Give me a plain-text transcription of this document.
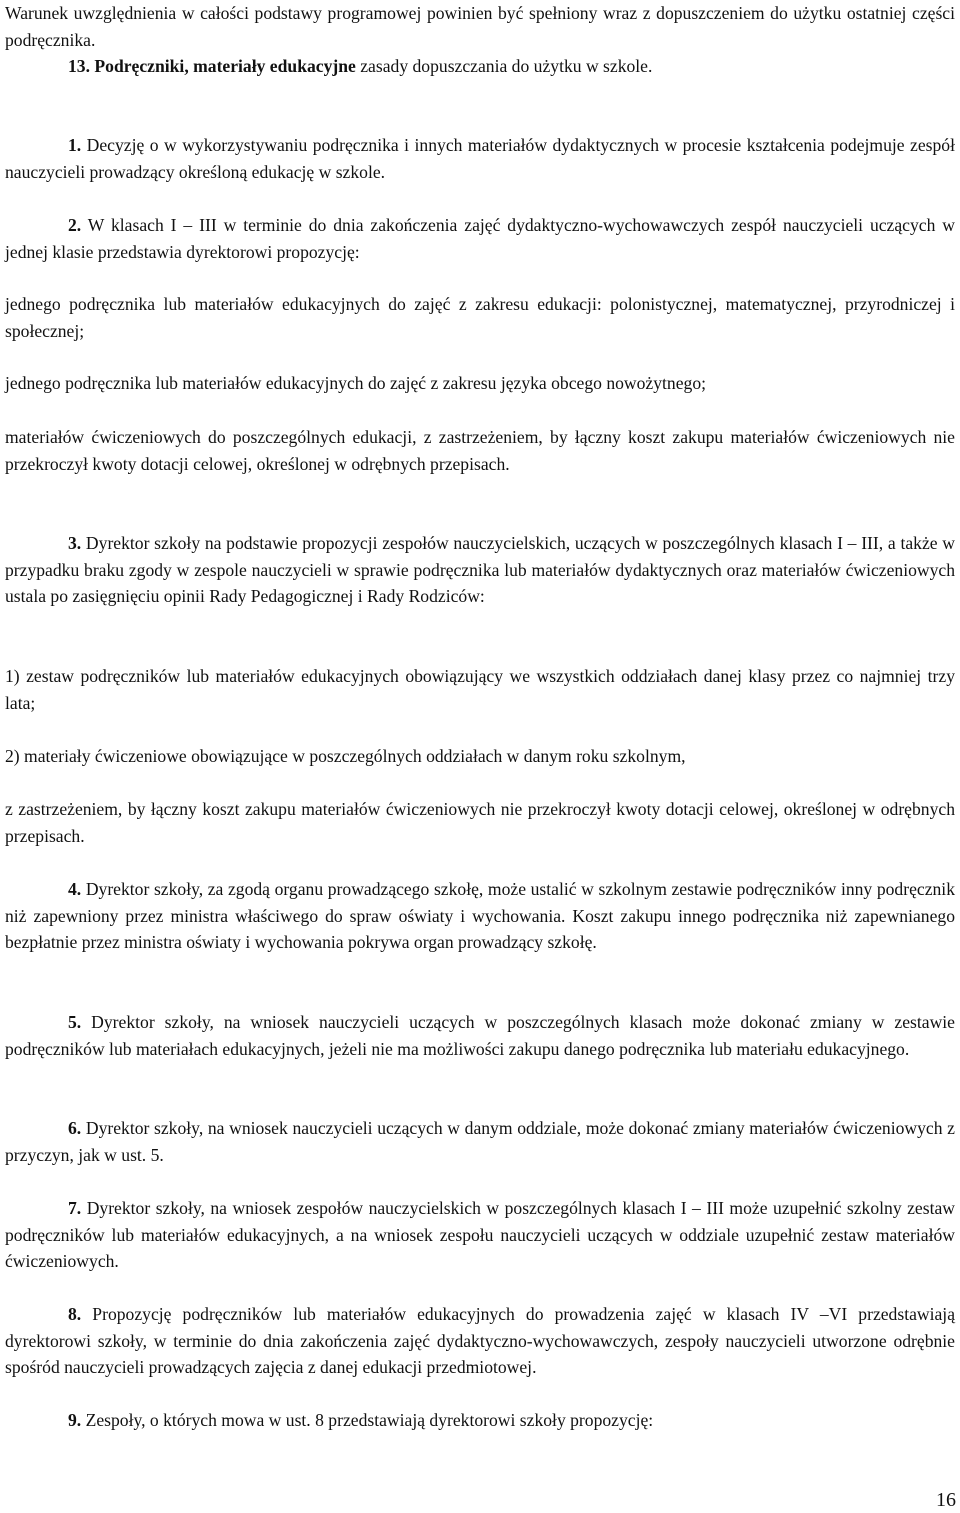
Warunek uwzględnienia w całości podstawy programowej powinien być spełniony wraz z dopuszczeniem do użytku ostatniej części podręcznika.

13. Podręczniki, materiały edukacyjne zasady dopuszczania do użytku w szkole.

1. Decyzję o w wykorzystywaniu podręcznika i innych materiałów dydaktycznych w procesie kształcenia podejmuje zespół nauczycieli prowadzący określoną edukację w szkole.

2. W klasach I – III w terminie do dnia zakończenia zajęć dydaktyczno-wychowawczych zespół nauczycieli uczących w jednej klasie przedstawia dyrektorowi propozycję:

jednego podręcznika lub materiałów edukacyjnych do zajęć z zakresu edukacji: polonistycznej, matematycznej, przyrodniczej i społecznej;

jednego podręcznika lub materiałów edukacyjnych do zajęć z zakresu języka obcego nowożytnego;

materiałów ćwiczeniowych do poszczególnych edukacji, z zastrzeżeniem, by łączny koszt zakupu materiałów ćwiczeniowych nie przekroczył kwoty dotacji celowej, określonej w odrębnych przepisach.

3. Dyrektor szkoły na podstawie propozycji zespołów nauczycielskich, uczących w poszczególnych klasach I – III, a także w przypadku braku zgody w zespole nauczycieli w sprawie podręcznika lub materiałów dydaktycznych oraz materiałów ćwiczeniowych ustala po zasięgnięciu opinii Rady Pedagogicznej i Rady Rodziców:

1) zestaw podręczników lub materiałów edukacyjnych obowiązujący we wszystkich oddziałach danej klasy przez co najmniej trzy lata;

2) materiały ćwiczeniowe obowiązujące w poszczególnych oddziałach w danym roku szkolnym,

z zastrzeżeniem, by łączny koszt zakupu materiałów ćwiczeniowych nie przekroczył kwoty dotacji celowej, określonej w odrębnych przepisach.

4. Dyrektor szkoły, za zgodą organu prowadzącego szkołę, może ustalić w szkolnym zestawie podręczników inny podręcznik niż zapewniony przez ministra właściwego do spraw oświaty i wychowania. Koszt zakupu innego podręcznika niż zapewnianego bezpłatnie przez ministra oświaty i wychowania pokrywa organ prowadzący szkołę.

5. Dyrektor szkoły, na wniosek nauczycieli uczących w poszczególnych klasach może dokonać zmiany w zestawie podręczników lub materiałach edukacyjnych, jeżeli nie ma możliwości zakupu danego podręcznika lub materiału edukacyjnego.

6. Dyrektor szkoły, na wniosek nauczycieli uczących w danym oddziale, może dokonać zmiany materiałów ćwiczeniowych z przyczyn, jak w ust. 5.

7. Dyrektor szkoły, na wniosek zespołów nauczycielskich w poszczególnych klasach I – III może uzupełnić szkolny zestaw podręczników lub materiałów edukacyjnych, a na wniosek zespołu nauczycieli uczących w oddziale uzupełnić zestaw materiałów ćwiczeniowych.

8. Propozycję podręczników lub materiałów edukacyjnych do prowadzenia zajęć w klasach IV –VI przedstawiają dyrektorowi szkoły, w terminie do dnia zakończenia zajęć dydaktyczno-wychowawczych, zespoły nauczycieli utworzone odrębnie spośród nauczycieli prowadzących zajęcia z danej edukacji przedmiotowej.

9. Zespoły, o których mowa w ust. 8 przedstawiają dyrektorowi szkoły propozycję:

16
